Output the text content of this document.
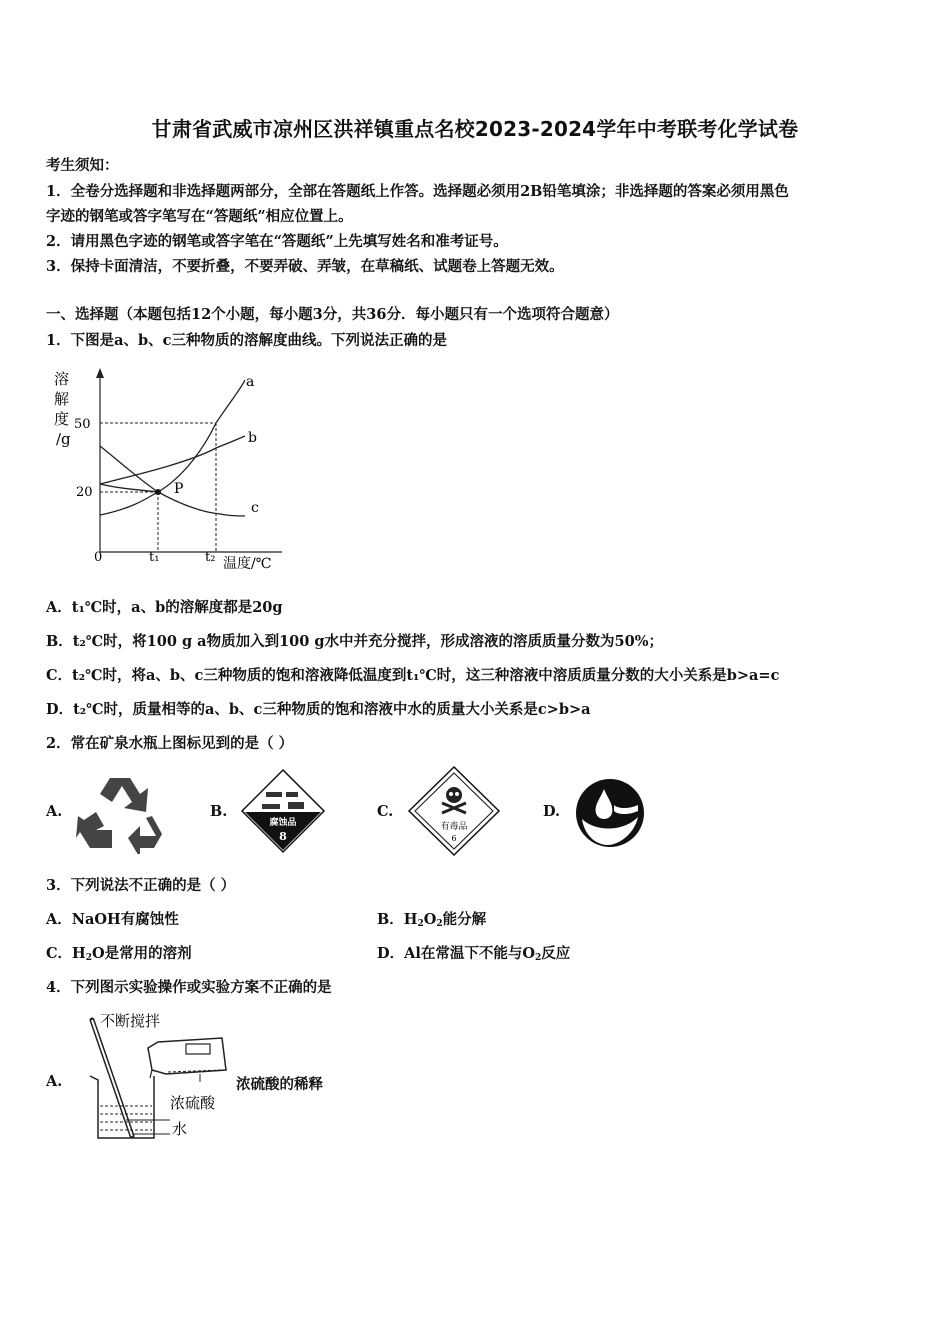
甘肃省武威市凉州区洪祥镇重点名校2023-2024学年中考联考化学试卷
考生须知：
1．全卷分选择题和非选择题两部分，全部在答题纸上作答。选择题必须用2B铅笔填涂；非选择题的答案必须用黑色
字迹的钢笔或答字笔写在“答题纸”相应位置上。
2．请用黑色字迹的钢笔或答字笔在“答题纸”上先填写姓名和准考证号。
3．保持卡面清洁，不要折叠，不要弄破、弄皱，在草稿纸、试题卷上答题无效。
一、选择题（本题包括12个小题，每小题3分，共36分．每小题只有一个选项符合题意）
1．下图是a、b、c三种物质的溶解度曲线。下列说法正确的是
溶
解
度
/g
50
20
0	t₁	t₂ 温度/℃
P
a
b
c
A．t₁℃时，a、b的溶解度都是20g
B．t₂℃时，将100 g a物质加入到100 g水中并充分搅拌，形成溶液的溶质质量分数为50%；
C．t₂℃时，将a、b、c三种物质的饱和溶液降低温度到t₁℃时，这三种溶液中溶质质量分数的大小关系是b>a=c
D．t₂℃时，质量相等的a、b、c三种物质的饱和溶液中水的质量大小关系是c>b>a
2．常在矿泉水瓶上图标见到的是（ ）
A.	B.
腐蚀品
8
C.
有毒品
6
D.
3．下列说法不正确的是（ ）
A．NaOH有腐蚀性	B．$H_2O_2$能分解
C．$H_2O$是常用的溶剂	D．Al在常温下不能与$O_2$反应
4．下列图示实验操作或实验方案不正确的是
A.
不断搅拌
浓硫酸
水
浓硫酸的稀释
